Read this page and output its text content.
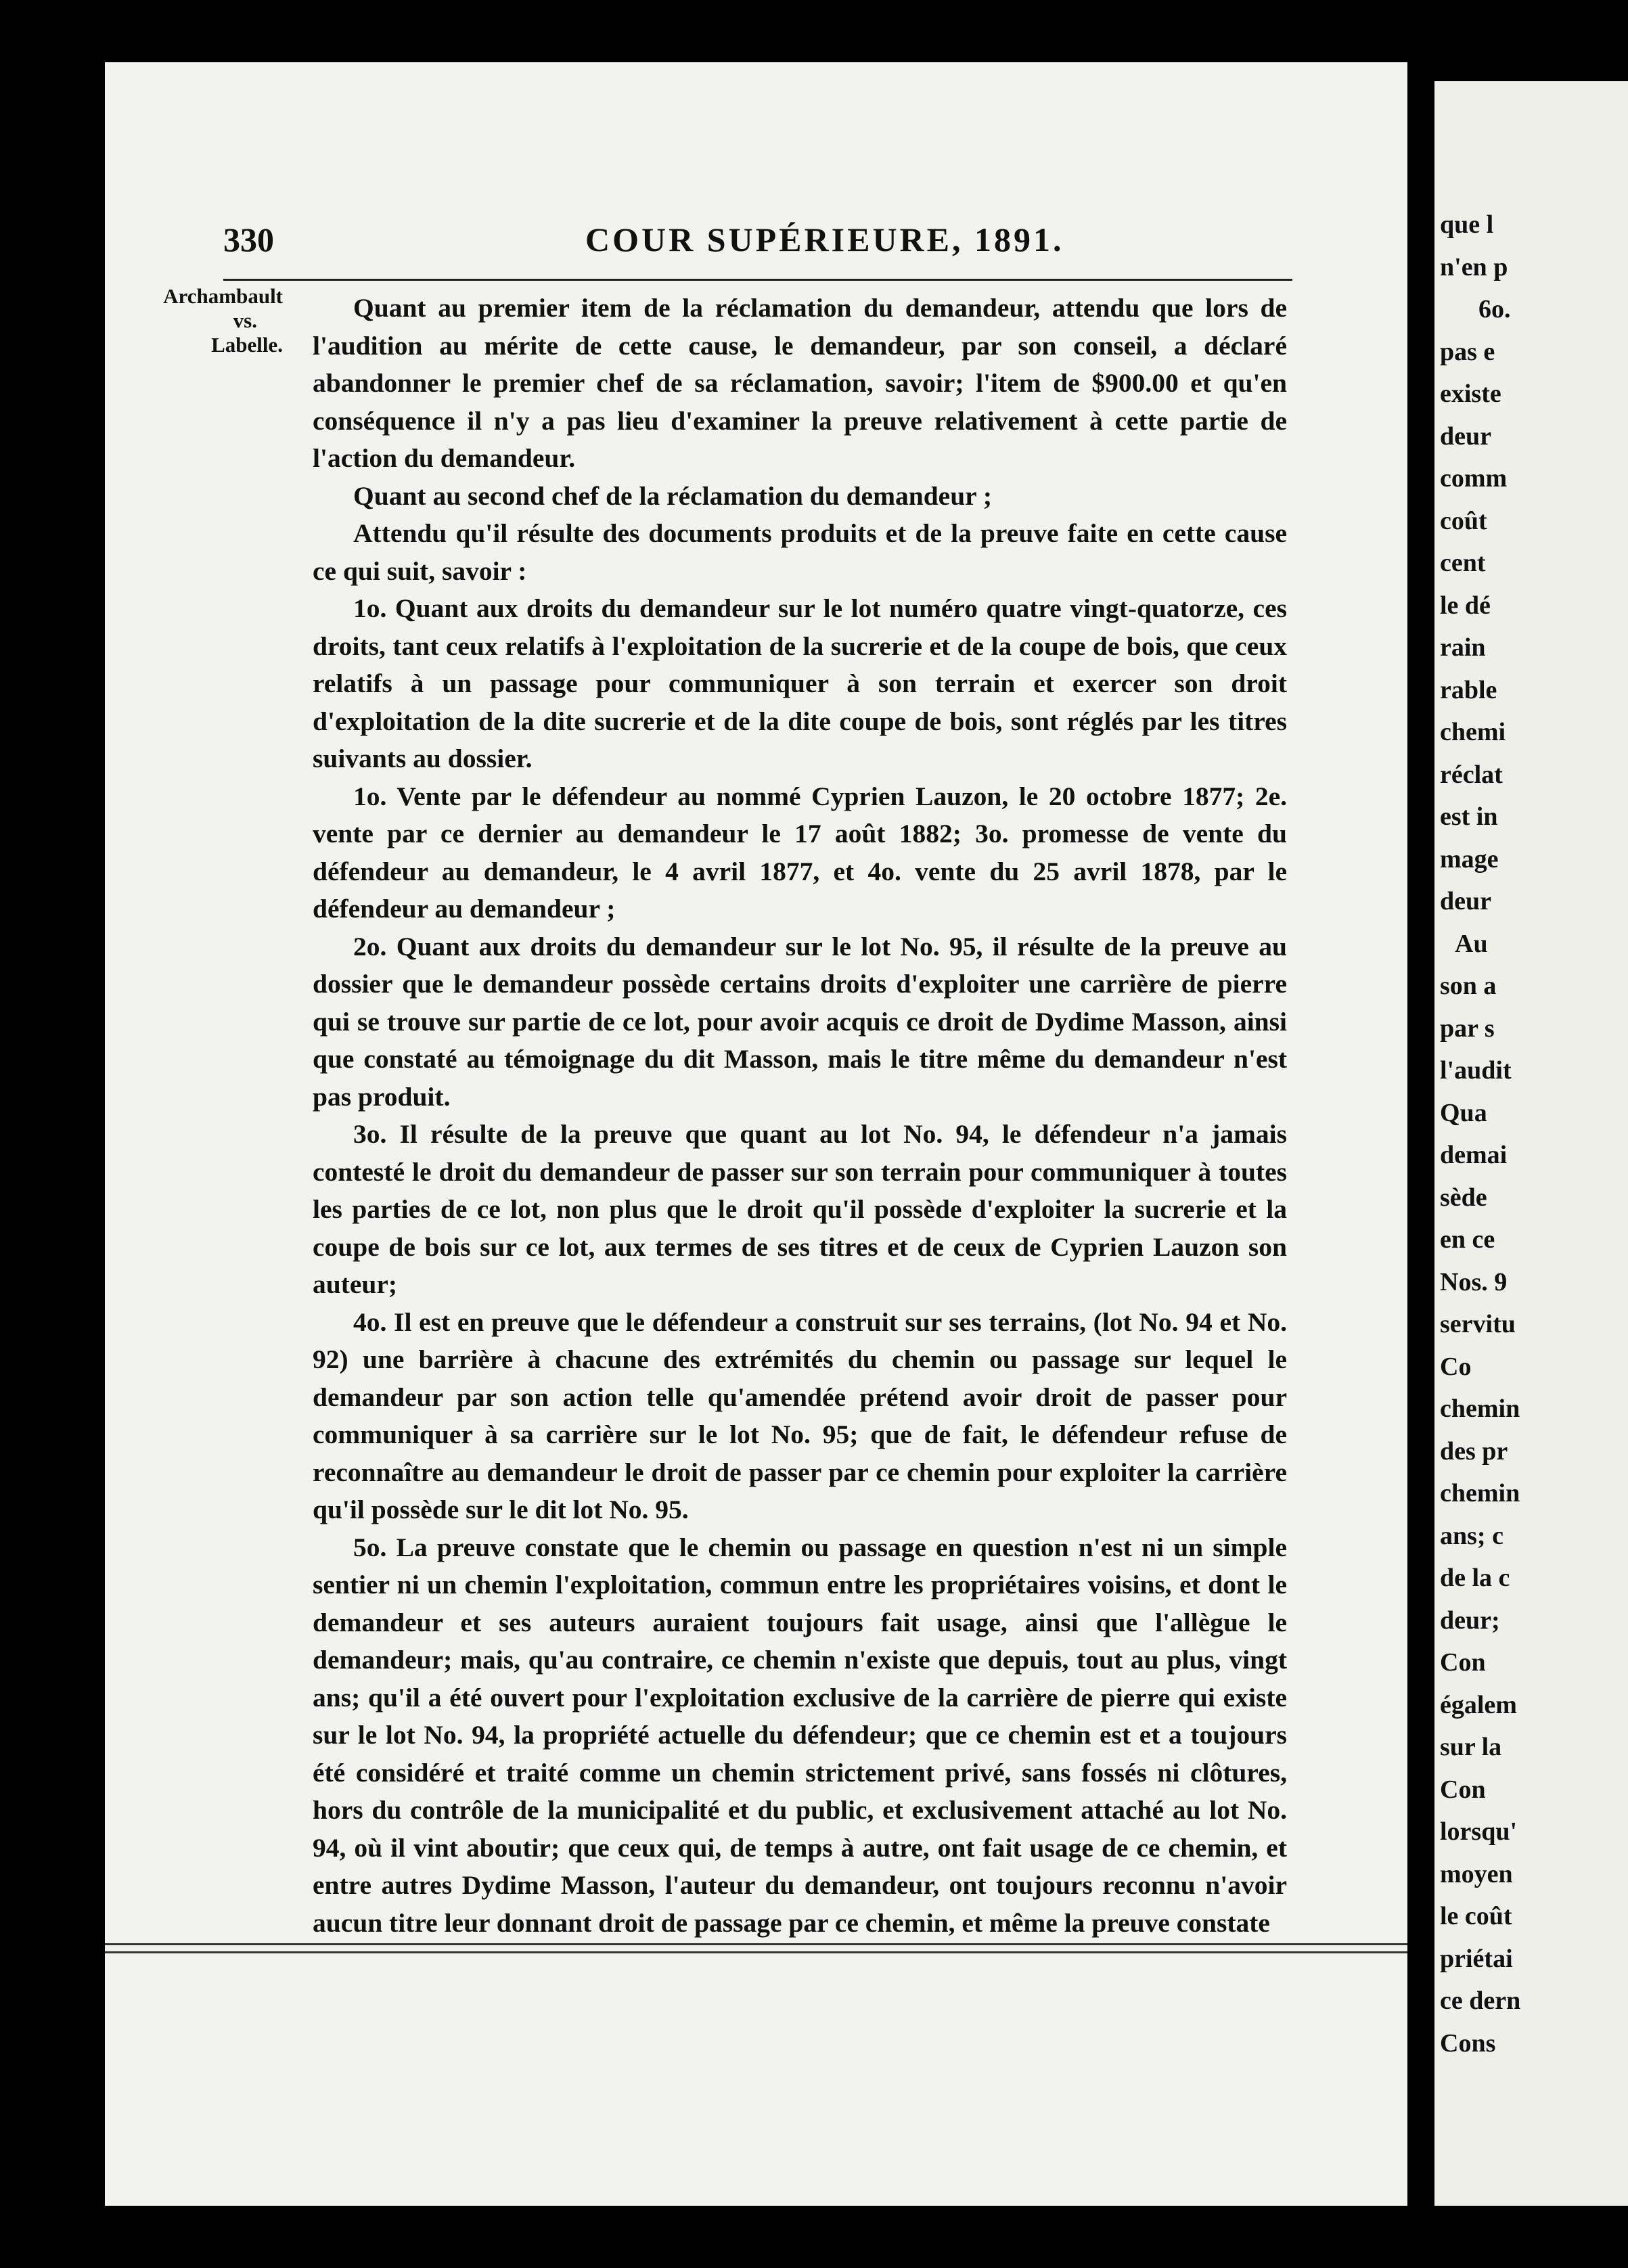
que l
n'en p
6o.
pas e
existe
deur
comm
coût
cent
le dé
rain
rable
chemi
réclat
est in
mage
deur
Au
son a
par s
l'audit
Qua
demai
sède
en ce
Nos. 9
servitu
Co
chemin
des pr
chemin
ans; c
de la c
deur;
Con
égalem
sur la
Con
lorsqu'
moyen
le coût
priétai
ce dern
Cons
330	COUR SUPÉRIEURE, 1891.
Archambault
vs.
Labelle.

Quant au premier item de la réclamation du demandeur, attendu que lors de l'audition au mérite de cette cause, le demandeur, par son conseil, a déclaré abandonner le premier chef de sa réclamation, savoir; l'item de $900.00 et qu'en conséquence il n'y a pas lieu d'examiner la preuve relativement à cette partie de l'action du demandeur.

Quant au second chef de la réclamation du demandeur ;

Attendu qu'il résulte des documents produits et de la preuve faite en cette cause ce qui suit, savoir :

1o. Quant aux droits du demandeur sur le lot numéro quatre vingt-quatorze, ces droits, tant ceux relatifs à l'exploitation de la sucrerie et de la coupe de bois, que ceux relatifs à un passage pour communiquer à son terrain et exercer son droit d'exploitation de la dite sucrerie et de la dite coupe de bois, sont réglés par les titres suivants au dossier.

1o. Vente par le défendeur au nommé Cyprien Lauzon, le 20 octobre 1877; 2e. vente par ce dernier au demandeur le 17 août 1882; 3o. promesse de vente du défendeur au demandeur, le 4 avril 1877, et 4o. vente du 25 avril 1878, par le défendeur au demandeur ;

2o. Quant aux droits du demandeur sur le lot No. 95, il résulte de la preuve au dossier que le demandeur possède certains droits d'exploiter une carrière de pierre qui se trouve sur partie de ce lot, pour avoir acquis ce droit de Dydime Masson, ainsi que constaté au témoignage du dit Masson, mais le titre même du demandeur n'est pas produit.

3o. Il résulte de la preuve que quant au lot No. 94, le défendeur n'a jamais contesté le droit du demandeur de passer sur son terrain pour communiquer à toutes les parties de ce lot, non plus que le droit qu'il possède d'exploiter la sucrerie et la coupe de bois sur ce lot, aux termes de ses titres et de ceux de Cyprien Lauzon son auteur;

4o. Il est en preuve que le défendeur a construit sur ses terrains, (lot No. 94 et No. 92) une barrière à chacune des extrémités du chemin ou passage sur lequel le demandeur par son action telle qu'amendée prétend avoir droit de passer pour communiquer à sa carrière sur le lot No. 95; que de fait, le défendeur refuse de reconnaître au demandeur le droit de passer par ce chemin pour exploiter la carrière qu'il possède sur le dit lot No. 95.

5o. La preuve constate que le chemin ou passage en question n'est ni un simple sentier ni un chemin l'exploitation, commun entre les propriétaires voisins, et dont le demandeur et ses auteurs auraient toujours fait usage, ainsi que l'allègue le demandeur; mais, qu'au contraire, ce chemin n'existe que depuis, tout au plus, vingt ans; qu'il a été ouvert pour l'exploitation exclusive de la carrière de pierre qui existe sur le lot No. 94, la propriété actuelle du défendeur; que ce chemin est et a toujours été considéré et traité comme un chemin strictement privé, sans fossés ni clôtures, hors du contrôle de la municipalité et du public, et exclusivement attaché au lot No. 94, où il vint aboutir; que ceux qui, de temps à autre, ont fait usage de ce chemin, et entre autres Dydime Masson, l'auteur du demandeur, ont toujours reconnu n'avoir aucun titre leur donnant droit de passage par ce chemin, et même la preuve constate
